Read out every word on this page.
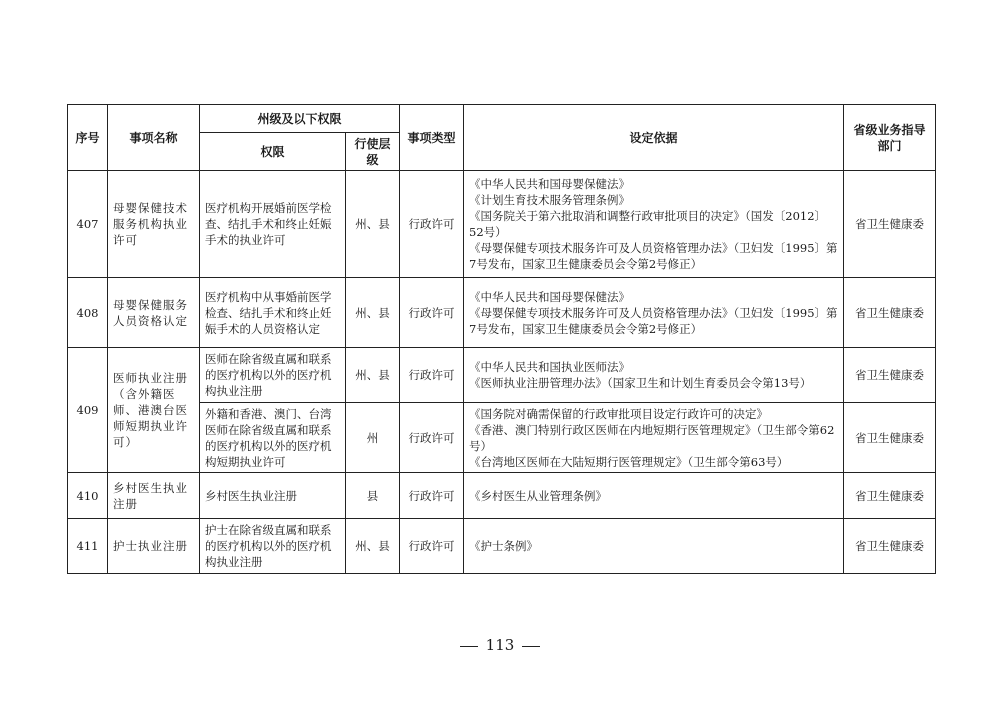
序号	事项名称	州级及以下权限		事项类型	设定依据	省级业务指导部门
		权限	行使层级			
407	母婴保健技术服务机构执业许可	医疗机构开展婚前医学检查、结扎手术和终止妊娠手术的执业许可	州、县	行政许可	《中华人民共和国母婴保健法》
《计划生育技术服务管理条例》
《国务院关于第六批取消和调整行政审批项目的决定》（国发〔2012〕52号）
《母婴保健专项技术服务许可及人员资格管理办法》（卫妇发〔1995〕第7号发布，国家卫生健康委员会令第2号修正）	省卫生健康委
408	母婴保健服务人员资格认定	医疗机构中从事婚前医学检查、结扎手术和终止妊娠手术的人员资格认定	州、县	行政许可	《中华人民共和国母婴保健法》
《母婴保健专项技术服务许可及人员资格管理办法》（卫妇发〔1995〕第7号发布，国家卫生健康委员会令第2号修正）	省卫生健康委
409	医师执业注册（含外籍医师、港澳台医师短期执业许可）	医师在除省级直属和联系的医疗机构以外的医疗机构执业注册	州、县	行政许可	《中华人民共和国执业医师法》
《医师执业注册管理办法》（国家卫生和计划生育委员会令第13号）	省卫生健康委
		外籍和香港、澳门、台湾医师在除省级直属和联系的医疗机构以外的医疗机构短期执业许可	州	行政许可	《国务院对确需保留的行政审批项目设定行政许可的决定》
《香港、澳门特别行政区医师在内地短期行医管理规定》（卫生部令第62号）
《台湾地区医师在大陆短期行医管理规定》（卫生部令第63号）	省卫生健康委
410	乡村医生执业注册	乡村医生执业注册	县	行政许可	《乡村医生从业管理条例》	省卫生健康委
411	护士执业注册	护士在除省级直属和联系的医疗机构以外的医疗机构执业注册	州、县	行政许可	《护士条例》	省卫生健康委
113
